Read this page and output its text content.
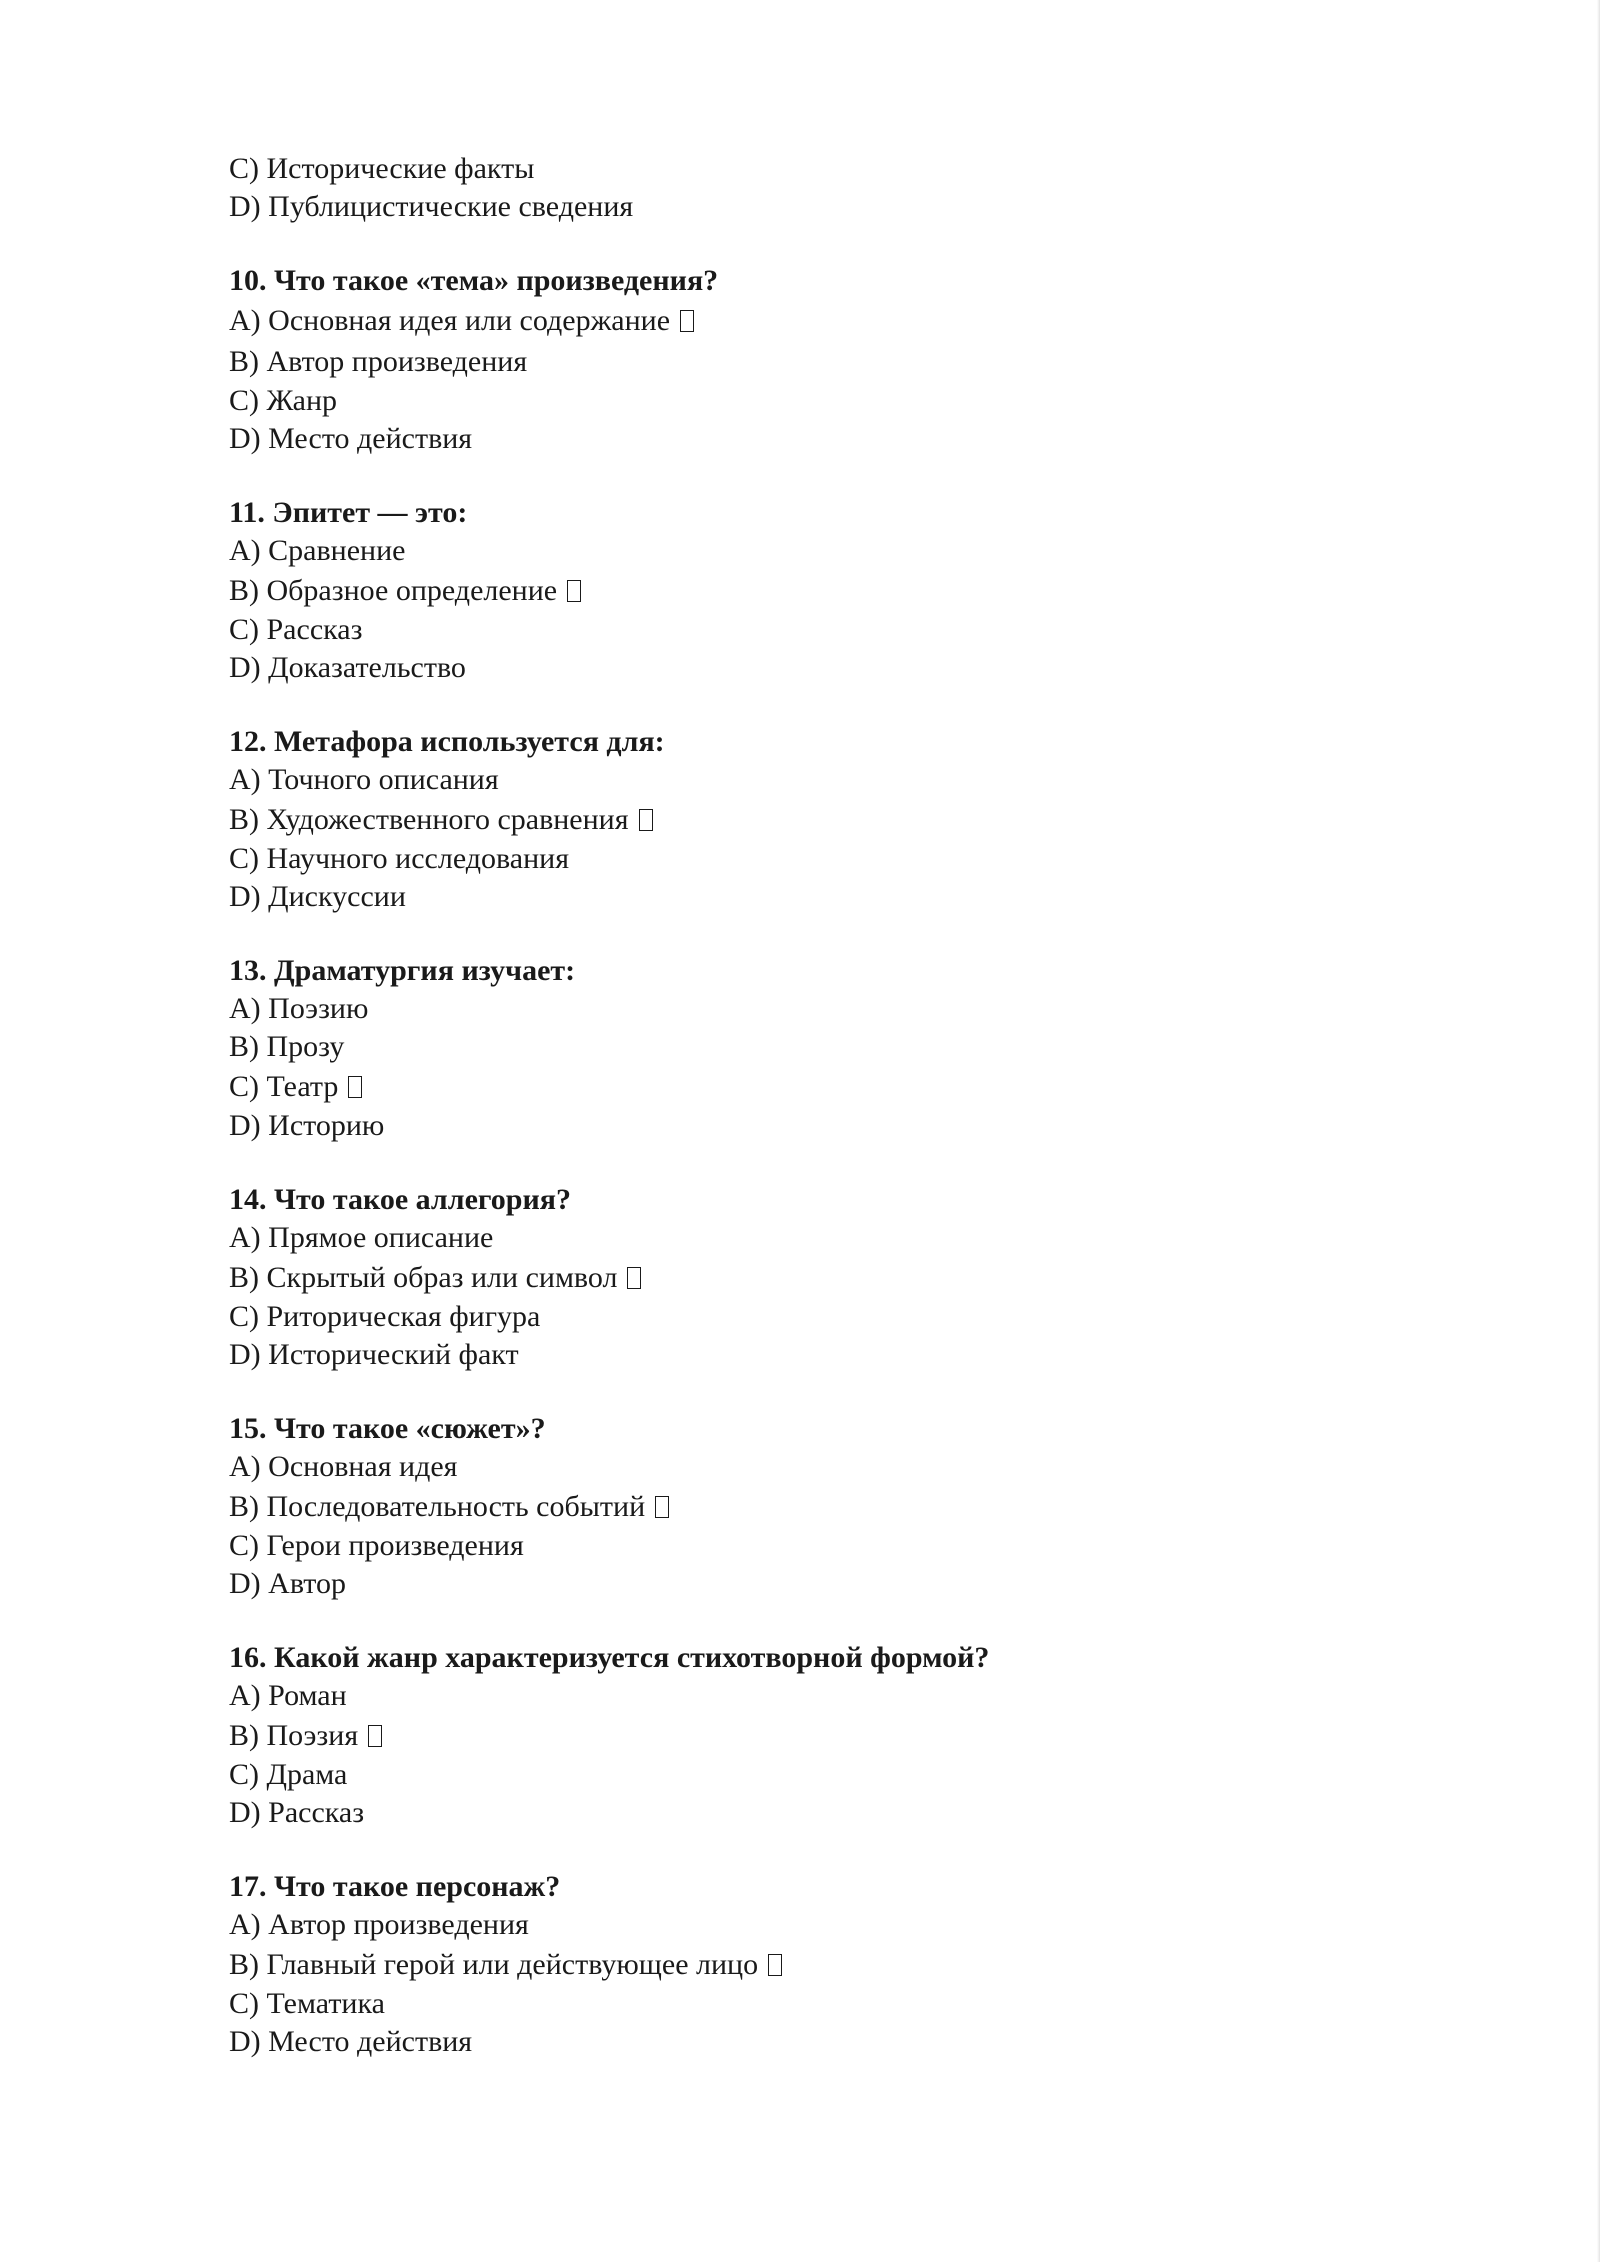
C) Исторические факты

D) Публицистические сведения

10. Что такое «тема» произведения?

A) Основная идея или содержание

B) Автор произведения

C) Жанр

D) Место действия

11. Эпитет — это:

A) Сравнение

B) Образное определение

C) Рассказ

D) Доказательство

12. Метафора используется для:

A) Точного описания

B) Художественного сравнения

C) Научного исследования

D) Дискуссии

13. Драматургия изучает:

A) Поэзию

B) Прозу

C) Театр

D) Историю

14. Что такое аллегория?

A) Прямое описание

B) Скрытый образ или символ

C) Риторическая фигура

D) Исторический факт

15. Что такое «сюжет»?

A) Основная идея

B) Последовательность событий

C) Герои произведения

D) Автор

16. Какой жанр характеризуется стихотворной формой?

A) Роман

B) Поэзия

C) Драма

D) Рассказ

17. Что такое персонаж?

A) Автор произведения

B) Главный герой или действующее лицо

C) Тематика

D) Место действия
